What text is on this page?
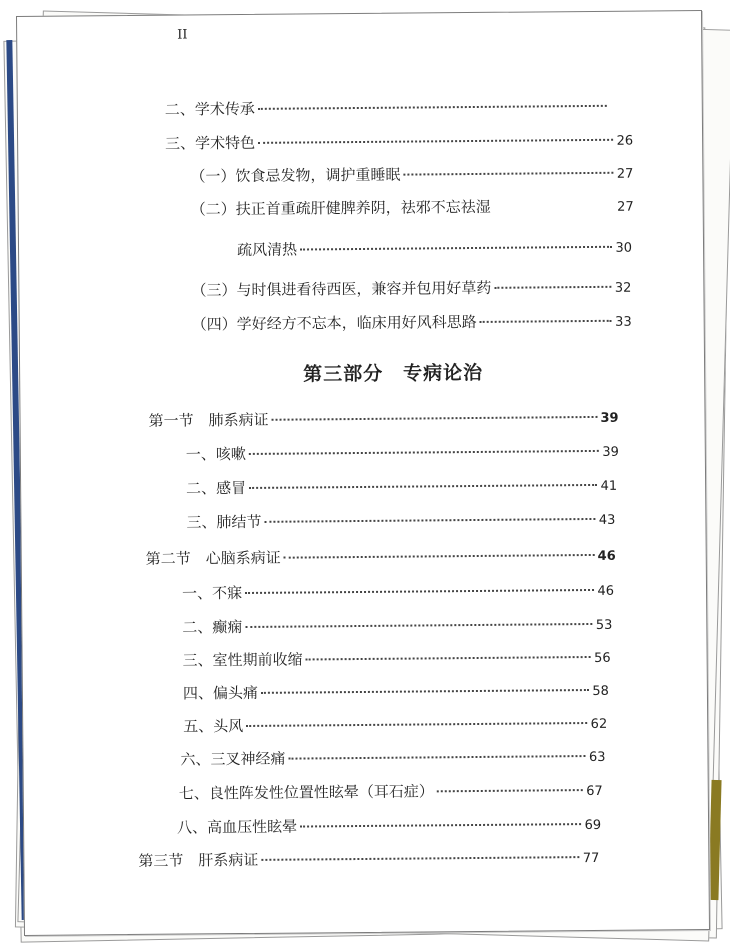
II
二、学术传承
三、学术特色	26
（一）饮食忌发物，调护重睡眠	27
（二）扶正首重疏肝健脾养阴，祛邪不忘祛湿	27
疏风清热	30
（三）与时俱进看待西医，兼容并包用好草药	32
（四）学好经方不忘本，临床用好风科思路	33
第三部分　专病论治
第一节　肺系病证	39
一、咳嗽	39
二、感冒	41
三、肺结节	43
第二节　心脑系病证	46
一、不寐	46
二、癫痫	53
三、室性期前收缩	56
四、偏头痛	58
五、头风	62
六、三叉神经痛	63
七、良性阵发性位置性眩晕（耳石症）	67
八、高血压性眩晕	69
第三节　肝系病证	77
